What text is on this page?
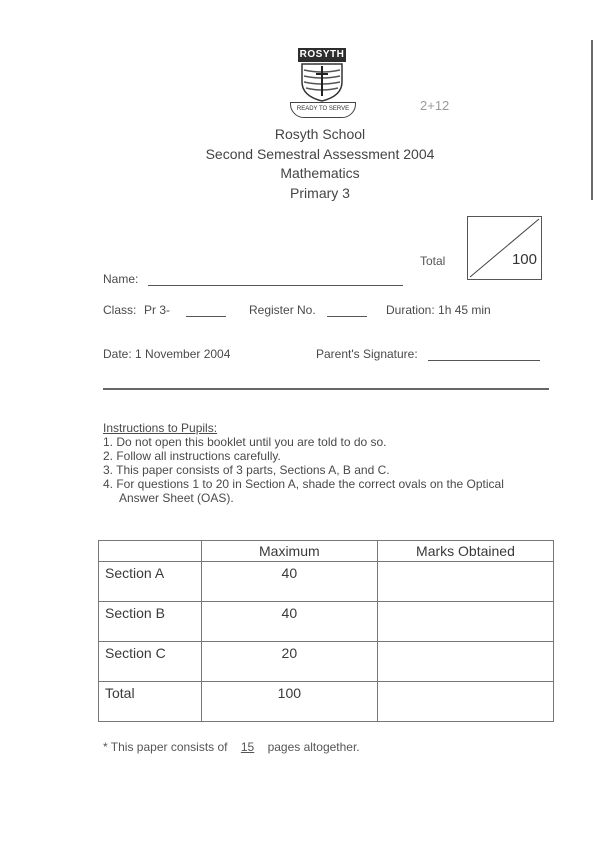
ROSYTH
READY TO SERVE	2+12
Rosyth School
Second Semestral Assessment 2004
Mathematics
Primary 3
Total	100
Name:
Class: Pr 3-	Register No.	Duration: 1h 45 min
Date: 1 November 2004	Parent's Signature:
Instructions to Pupils:
1. Do not open this booklet until you are told to do so.
2. Follow all instructions carefully.
3. This paper consists of 3 parts, Sections A, B and C.
4. For questions 1 to 20 in Section A, shade the correct ovals on the Optical
Answer Sheet (OAS).
	Maximum	Marks Obtained
Section A	40	
Section B	40	
Section C	20	
Total	100	
* This paper consists of 15 pages altogether.
